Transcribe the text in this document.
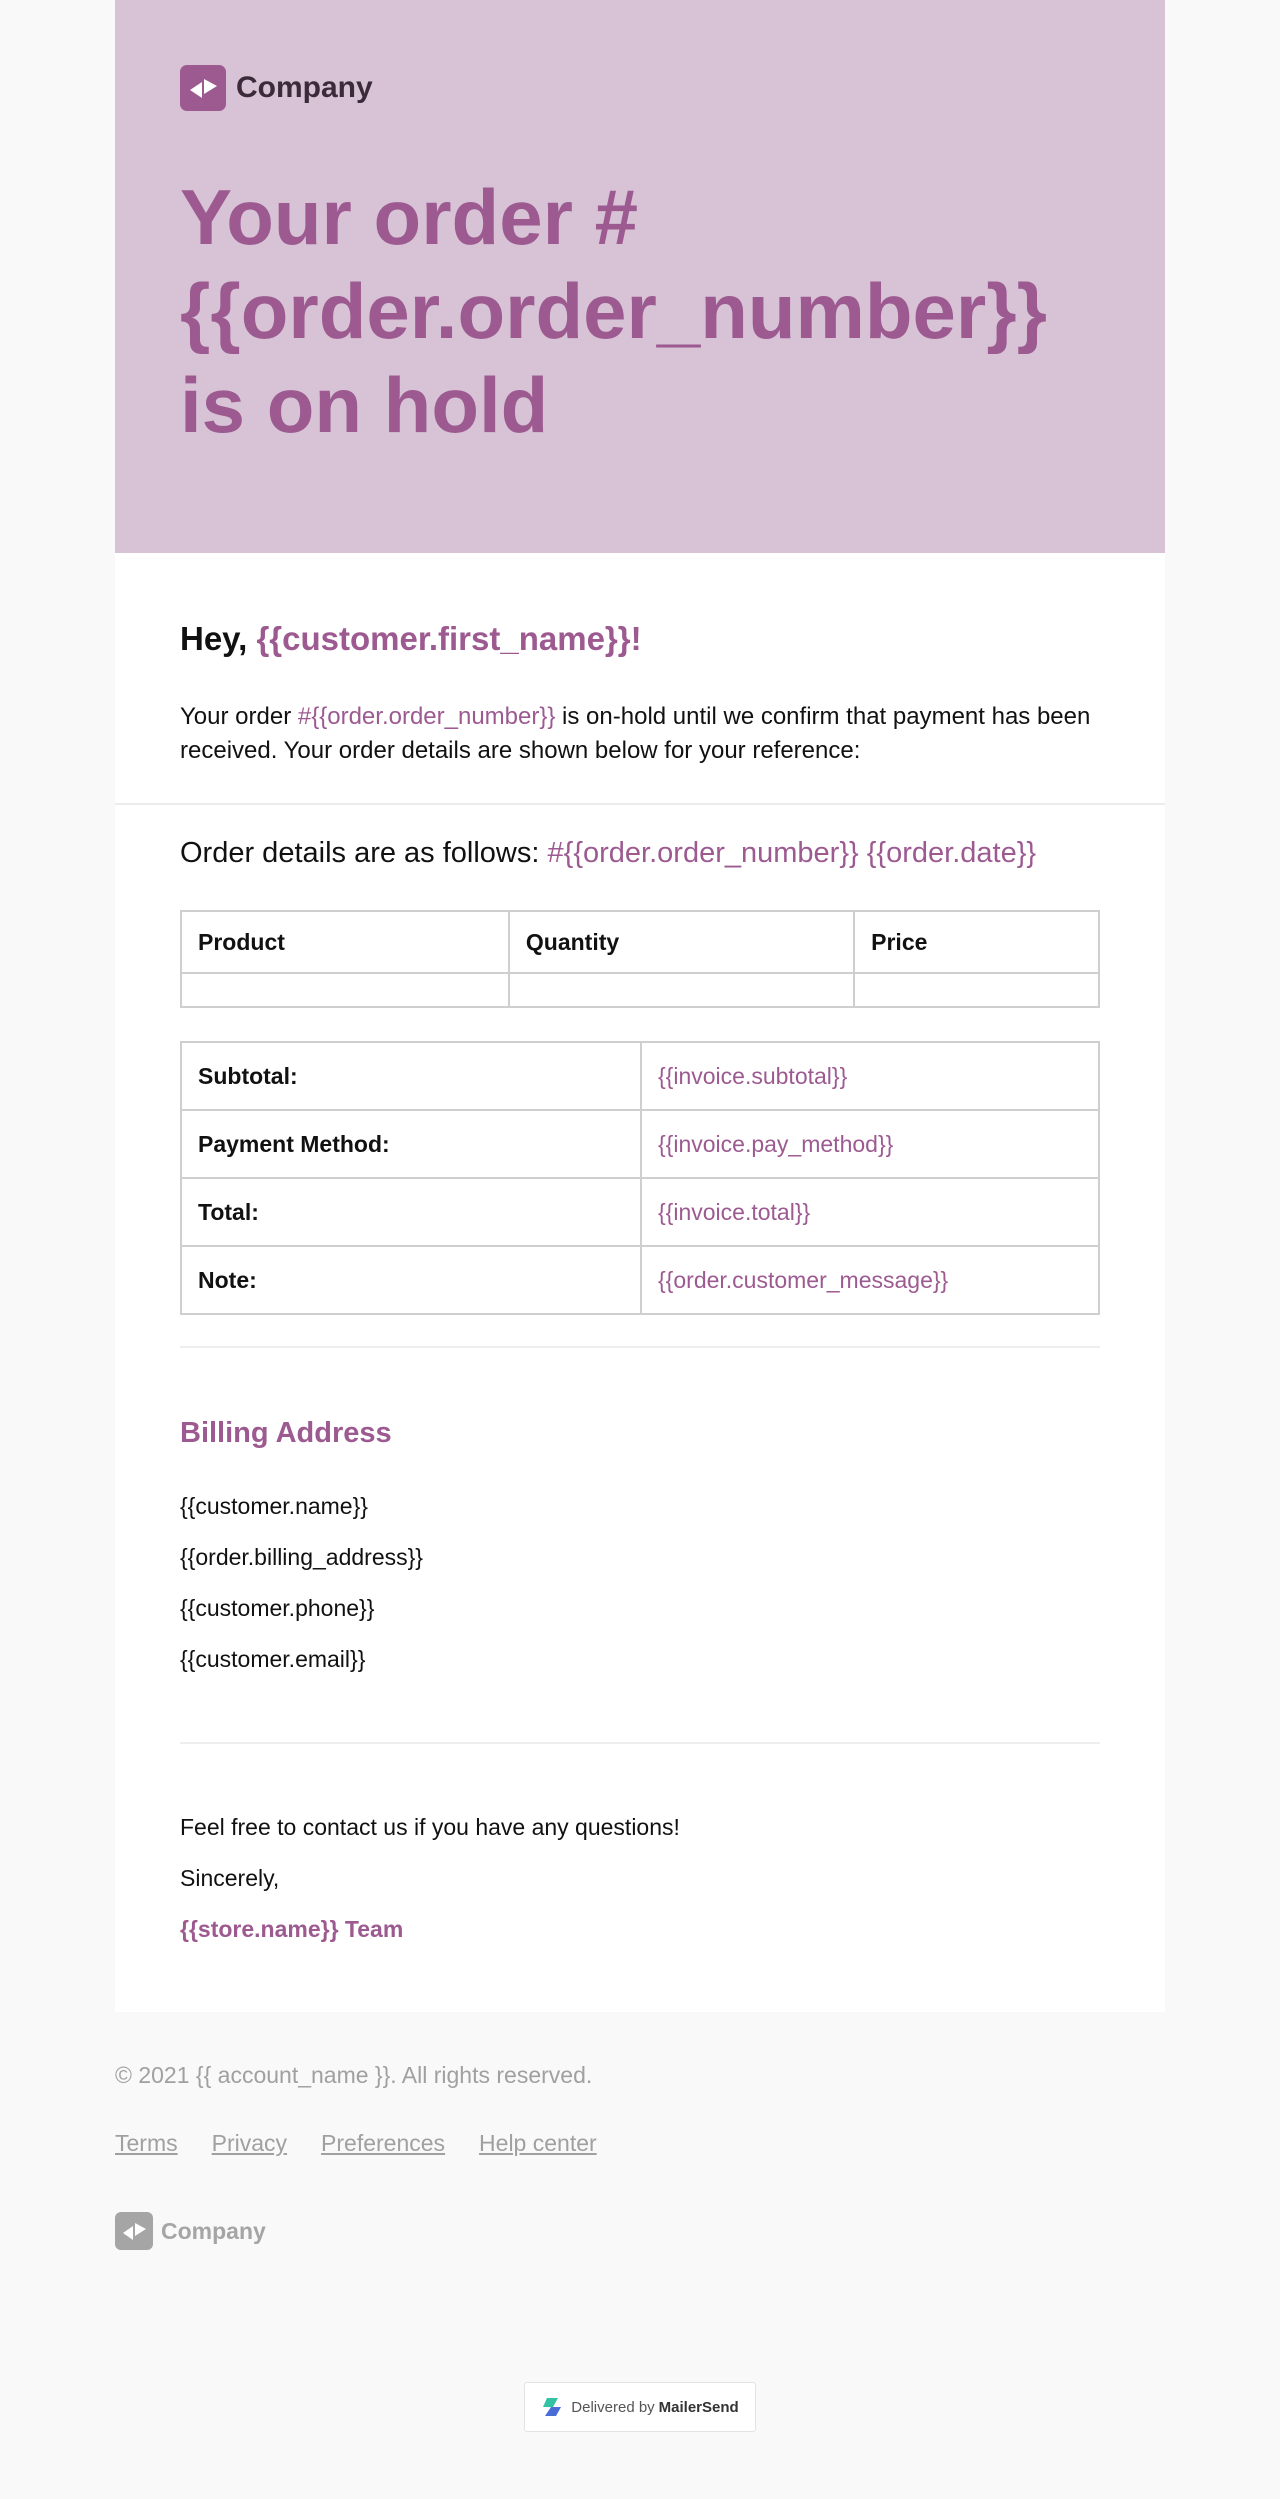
Company
Your order # {{order.order_number}} is on hold

Hey, {{customer.first_name}}!

Your order #{{order.order_number}} is on-hold until we confirm that payment has been received. Your order details are shown below for your reference:

Order details are as follows: #{{order.order_number}} {{order.date}}

Product	Quantity	Price

Subtotal:	{{invoice.subtotal}}
Payment Method:	{{invoice.pay_method}}
Total:	{{invoice.total}}
Note:	{{order.customer_message}}
Billing Address

{{customer.name}}

{{order.billing_address}}

{{customer.phone}}

{{customer.email}}

Feel free to contact us if you have any questions!

Sincerely,

{{store.name}} Team

© 2021 {{ account_name }}. All rights reserved.

Terms Privacy Preferences Help center
Company
Delivered by MailerSend
